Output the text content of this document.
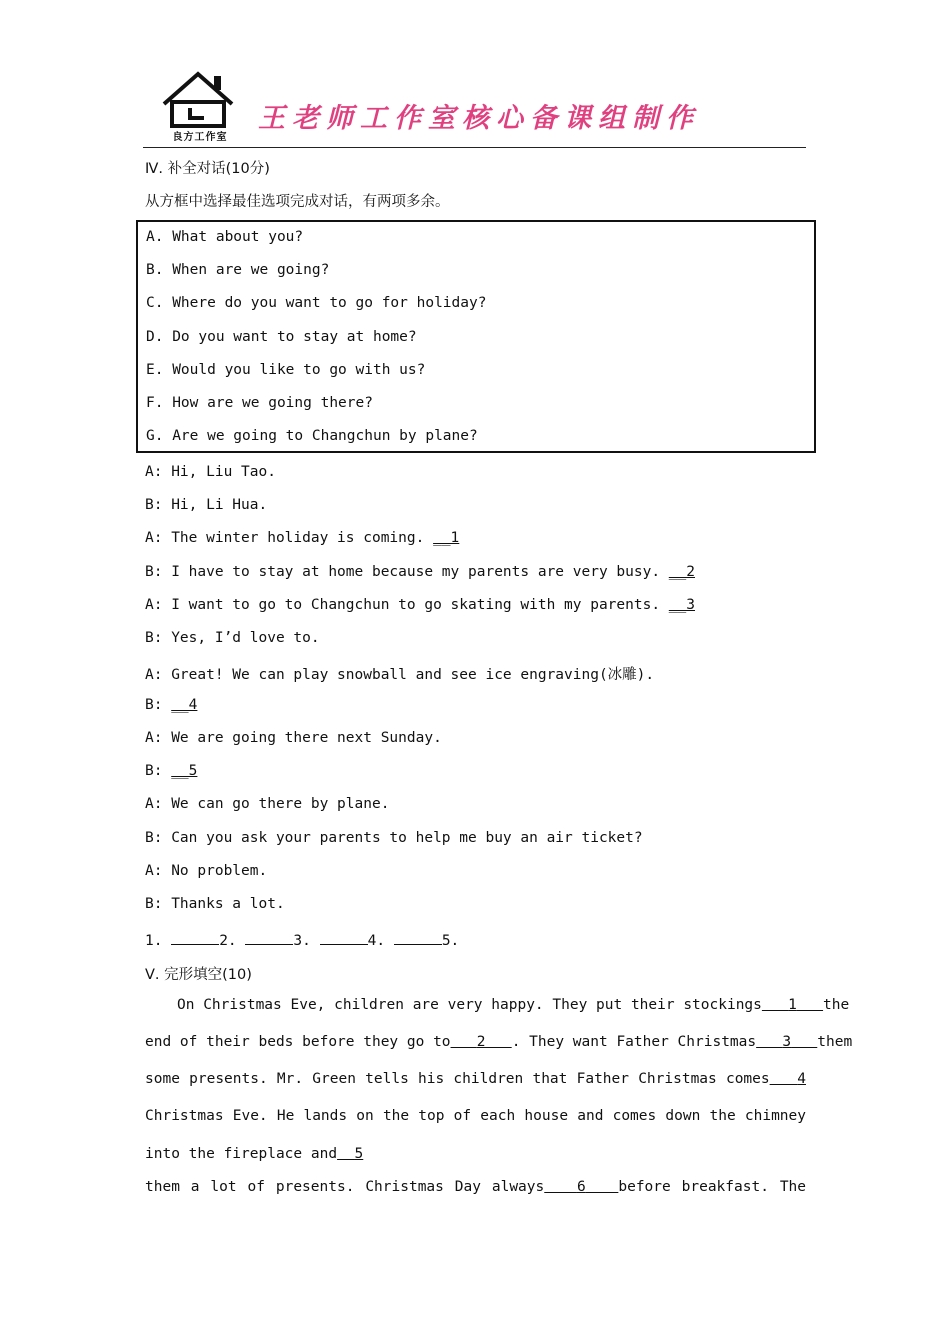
良方工作室
王老师工作室核心备课组制作
Ⅳ. 补全对话(10分)
从方框中选择最佳选项完成对话，有两项多余。
A. What about you?
B. When are we going?
C. Where do you want to go for holiday?
D. Do you want to stay at home?
E. Would you like to go with us?
F. How are we going there?
G. Are we going to Changchun by plane?
A: Hi, Liu Tao.
B: Hi, Li Hua.
A: The winter holiday is coming. __1
B: I have to stay at home because my parents are very busy. __2
A: I want to go to Changchun to go skating with my parents. __3
B: Yes, I’d love to.
A: Great! We can play snowball and see ice engraving(冰雕).
B: __4
A: We are going there next Sunday.
B: __5
A: We can go there by plane.
B: Can you ask your parents to help me buy an air ticket?
A: No problem.
B: Thanks a lot.
1.	2.	3.	4.	5.
Ⅴ. 完形填空(10)
On Christmas Eve, children are very happy. They put their stockings 1 the
end of their beds before they go to 2 . They want Father Christmas 3 them
some presents. Mr. Green tells his children that Father Christmas comes 4
Christmas Eve. He lands on the top of each house and comes down the chimney
into the fireplace and 5
them a lot of presents. Christmas Day always 6 before breakfast. The
